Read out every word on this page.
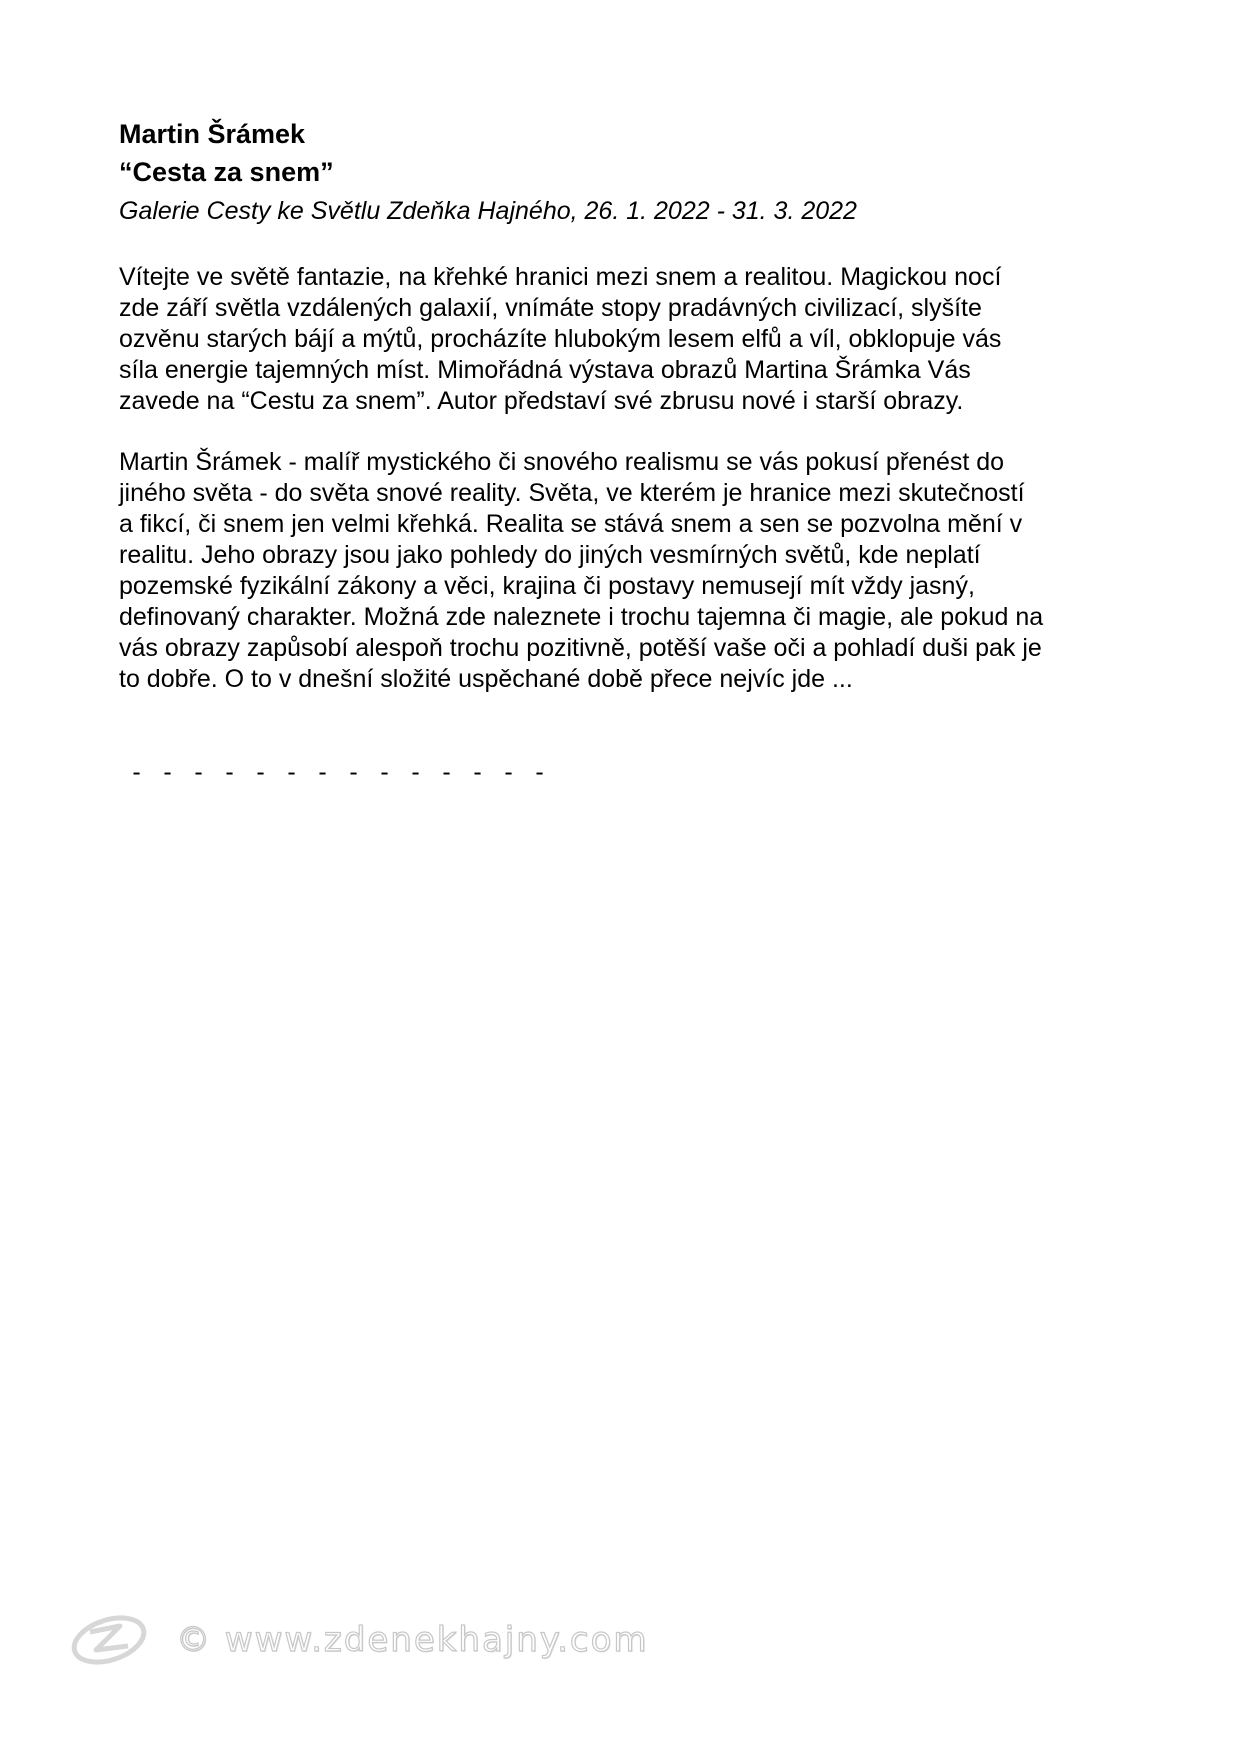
Martin Šrámek

“Cesta za snem”

Galerie Cesty ke Světlu Zdeňka Hajného, 26. 1. 2022 - 31. 3. 2022

Vítejte ve světě fantazie, na křehké hranici mezi snem a realitou. Magickou nocí
zde září světla vzdálených galaxií, vnímáte stopy pradávných civilizací, slyšíte
ozvěnu starých bájí a mýtů, procházíte hlubokým lesem elfů a víl, obklopuje vás
síla energie tajemných míst. Mimořádná výstava obrazů Martina Šrámka Vás
zavede na “Cestu za snem”. Autor představí své zbrusu nové i starší obrazy.

Martin Šrámek - malíř mystického či snového realismu se vás pokusí přenést do
jiného světa - do světa snové reality. Světa, ve kterém je hranice mezi skutečností
a fikcí, či snem jen velmi křehká. Realita se stává snem a sen se pozvolna mění v
realitu. Jeho obrazy jsou jako pohledy do jiných vesmírných světů, kde neplatí
pozemské fyzikální zákony a věci, krajina či postavy nemusejí mít vždy jasný,
definovaný charakter. Možná zde naleznete i trochu tajemna či magie, ale pokud na
vás obrazy zapůsobí alespoň trochu pozitivně, potěší vaše oči a pohladí duši pak je
to dobře. O to v dnešní složité uspěchané době přece nejvíc jde ...

- - - - - - - - - - - - - -
© www.zdenekhajny.com
